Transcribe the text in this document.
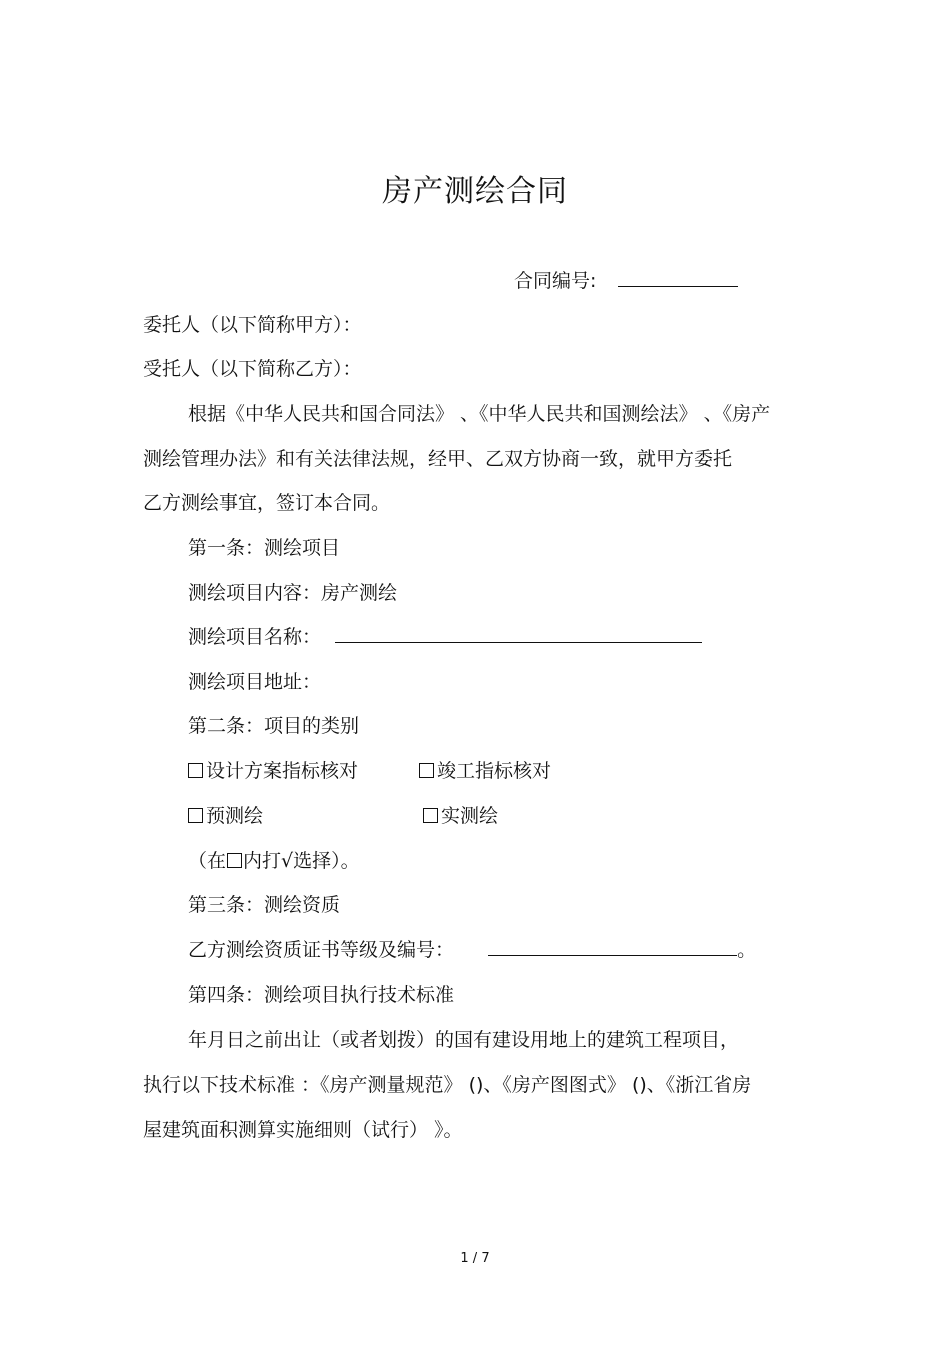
房产测绘合同
合同编号:
委托人（以下简称甲方）：
受托人（以下简称乙方）：
根据《中华人民共和国合同法》 、《中华人民共和国测绘法》 、《房产
测绘管理办法》和有关法律法规，经甲、乙双方协商一致，就甲方委托
乙方测绘事宜，签订本合同。
第一条：测绘项目
测绘项目内容：房产测绘
测绘项目名称：
测绘项目地址：
第二条：项目的类别
设计方案指标核对	竣工指标核对
预测绘	实测绘
（在 内打√选择）。
第三条：测绘资质
乙方测绘资质证书等级及编号：	。
第四条：测绘项目执行技术标准
年月日之前出让（或者划拨）的国有建设用地上的建筑工程项目，
执行以下技术标准 ：《房产测量规范》 ()、《房产图图式》 ()、《浙江省房
屋建筑面积测算实施细则（试行） 》。
1 / 7
